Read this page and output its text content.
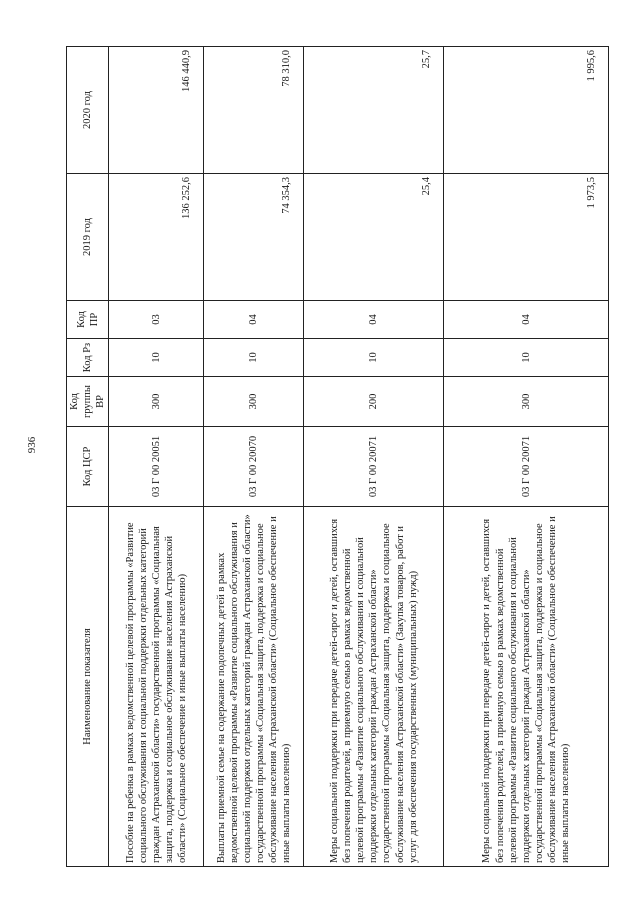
936
Наименование показателя	Код ЦСР	Код группы ВР	Код Рз	Код ПР	2019 год	2020 год
Пособие на ребенка в рамках ведомственной целевой программы «Развитие социального обслуживания и социальной поддержки отдельных категорий граждан Астраханской области» государственной программы «Социальная защита, поддержка и социальное обслуживание населения Астраханской области» (Социальное обеспечение и иные выплаты населению)	03 Г 00 20051	300	10	03	136 252,6	146 440,9
Выплаты приемной семье на содержание подопечных детей в рамках ведомственной целевой программы «Развитие социального обслуживания и социальной поддержки отдельных категорий граждан Астраханской области» государственной программы «Социальная защита, поддержка и социальное обслуживание населения Астраханской области» (Социальное обеспечение и иные выплаты населению)	03 Г 00 20070	300	10	04	74 354,3	78 310,0
Меры социальной поддержки при передаче детей-сирот и детей, оставшихся без попечения родителей, в приемную семью в рамках ведомственной целевой программы «Развитие социального обслуживания и социальной поддержки отдельных категорий граждан Астраханской области» государственной программы «Социальная защита, поддержка и социальное обслуживание населения Астраханской области» (Закупка товаров, работ и услуг для обеспечения государственных (муниципальных) нужд)	03 Г 00 20071	200	10	04	25,4	25,7
Меры социальной поддержки при передаче детей-сирот и детей, оставшихся без попечения родителей, в приемную семью в рамках ведомственной целевой программы «Развитие социального обслуживания и социальной поддержки отдельных категорий граждан Астраханской области» государственной программы «Социальная защита, поддержка и социальное обслуживание населения Астраханской области» (Социальное обеспечение и иные выплаты населению)	03 Г 00 20071	300	10	04	1 973,5	1 995,6
